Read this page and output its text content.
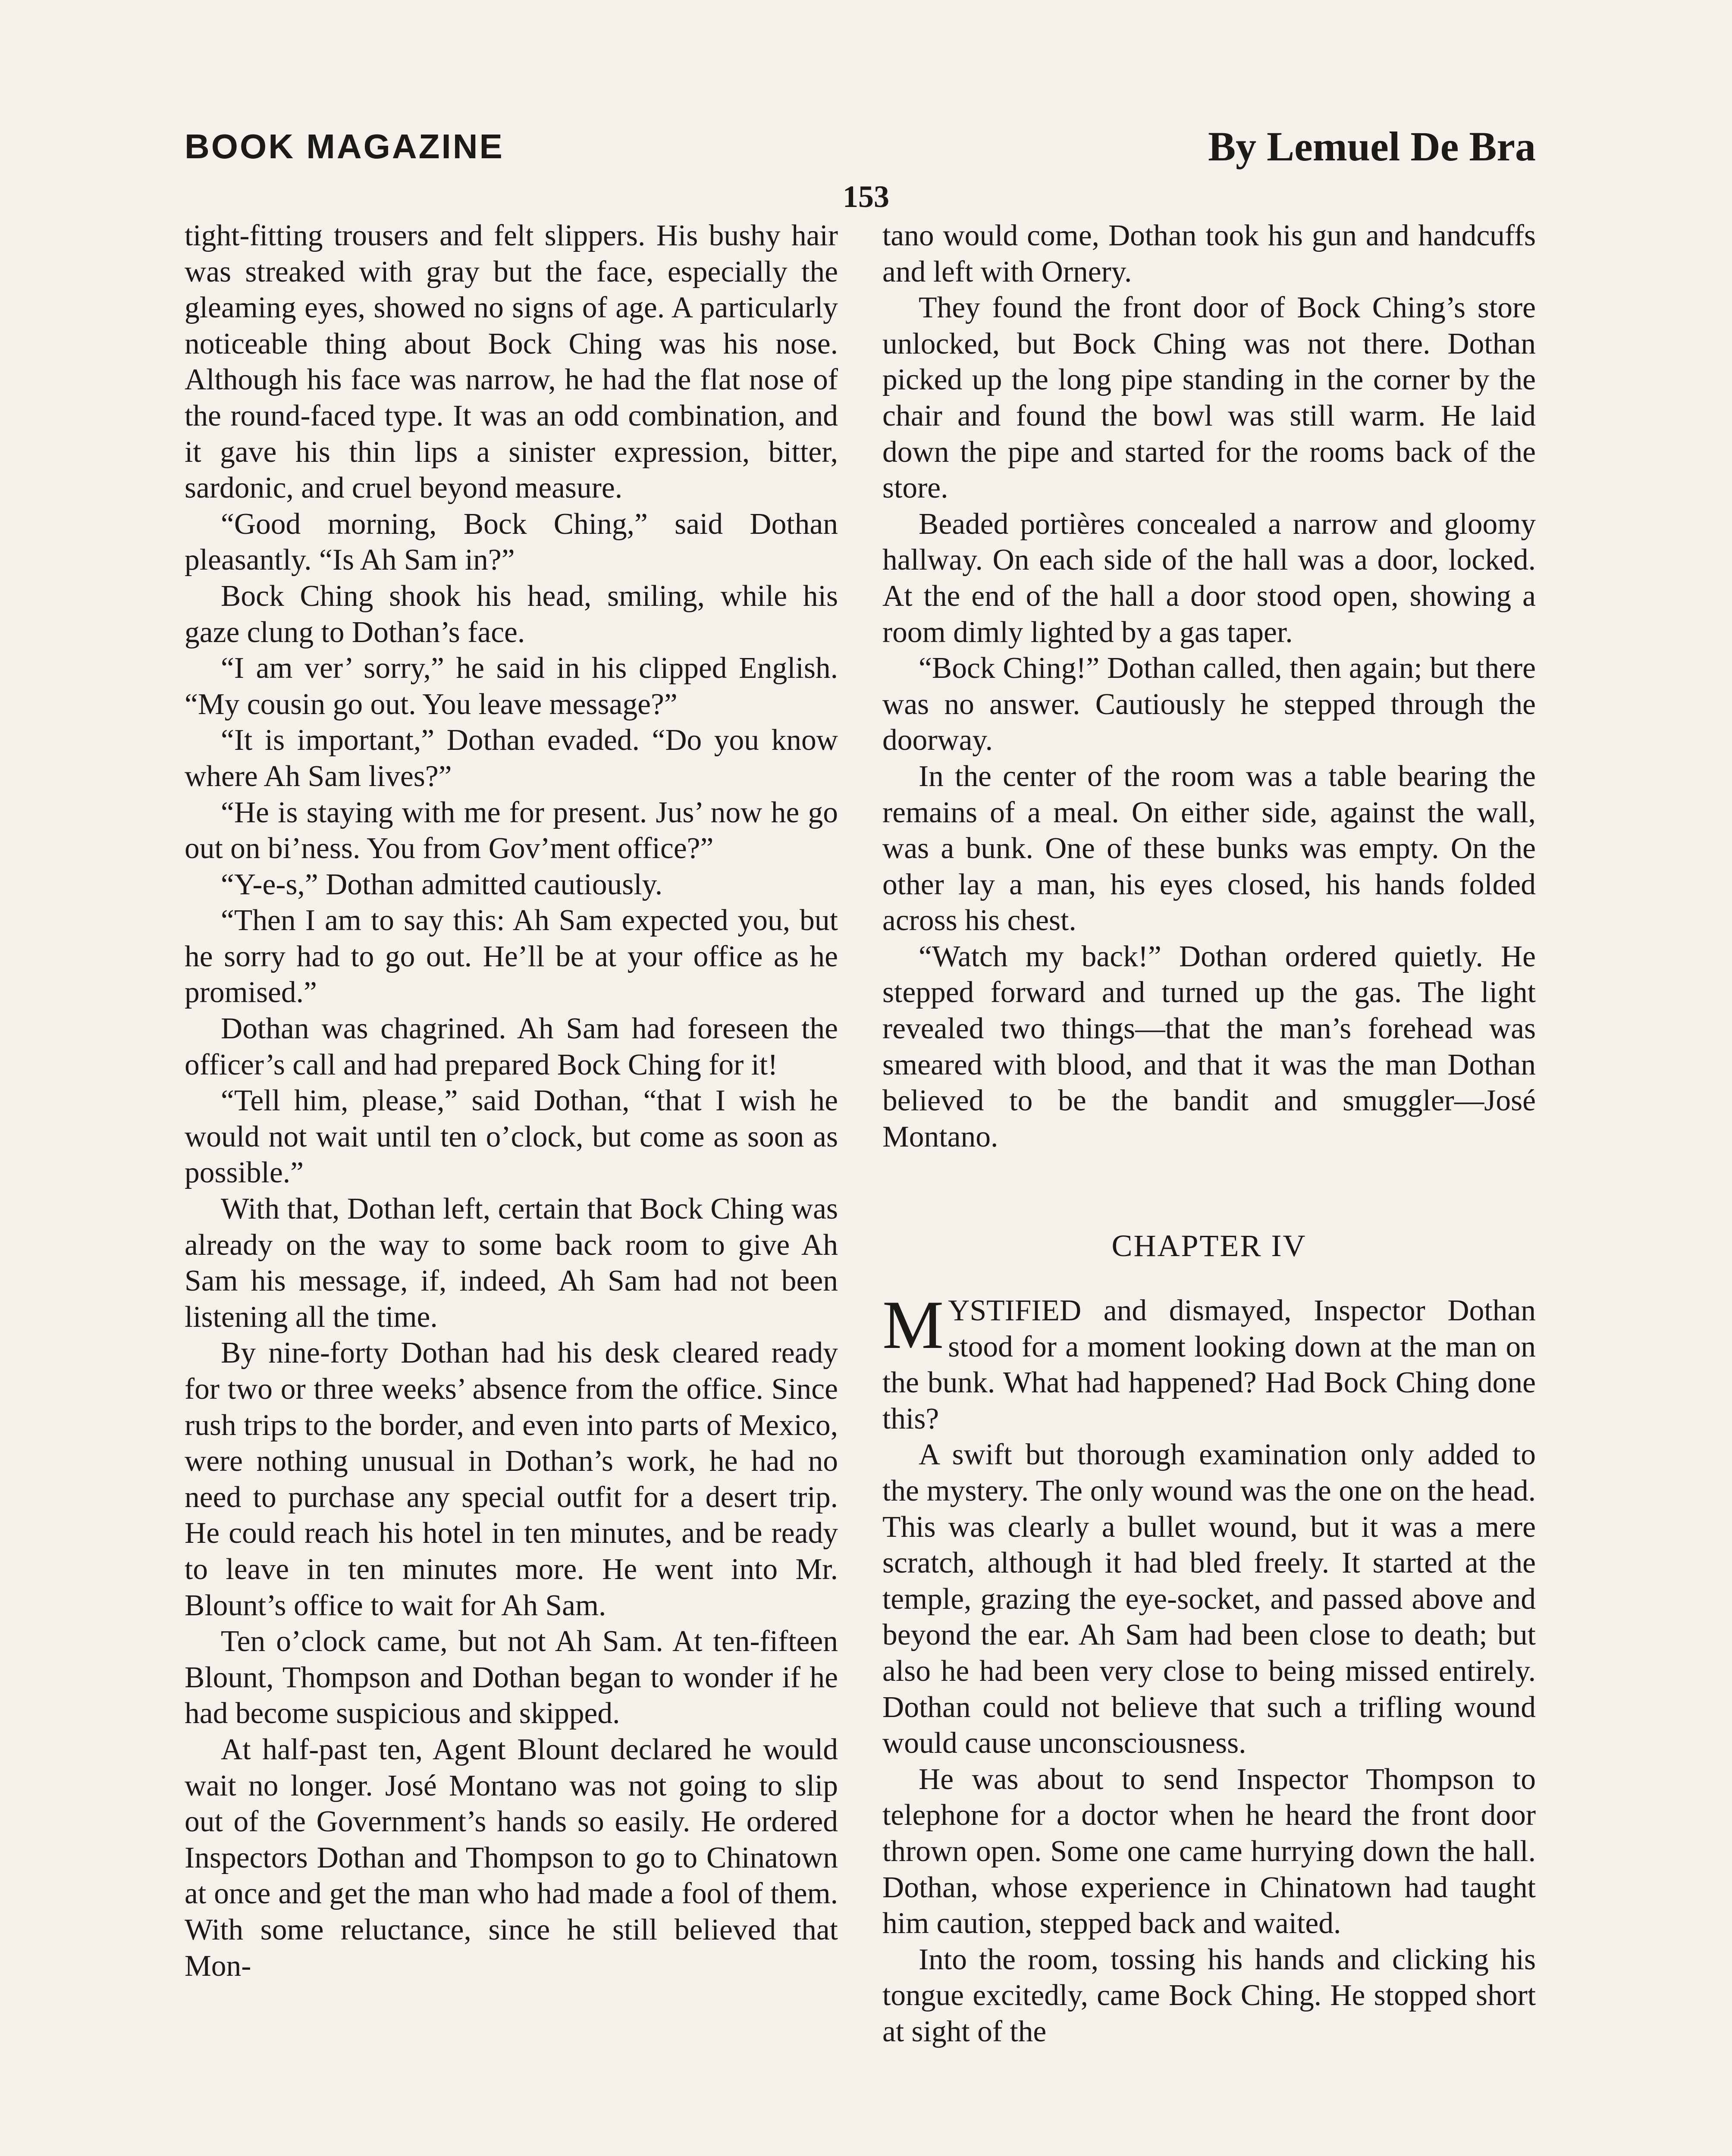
BOOK MAGAZINE	By Lemuel De Bra
153

tight-fitting trousers and felt slippers. His bushy hair was streaked with gray but the face, especially the gleaming eyes, showed no signs of age. A particularly noticeable thing about Bock Ching was his nose. Although his face was narrow, he had the flat nose of the round-faced type. It was an odd combination, and it gave his thin lips a sinister expression, bitter, sardonic, and cruel beyond measure.

“Good morning, Bock Ching,” said Dothan pleasantly. “Is Ah Sam in?”

Bock Ching shook his head, smiling, while his gaze clung to Dothan’s face.

“I am ver’ sorry,” he said in his clipped English. “My cousin go out. You leave message?”

“It is important,” Dothan evaded. “Do you know where Ah Sam lives?”

“He is staying with me for present. Jus’ now he go out on bi’ness. You from Gov’ment office?”

“Y-e-s,” Dothan admitted cautiously.

“Then I am to say this: Ah Sam expected you, but he sorry had to go out. He’ll be at your office as he promised.”

Dothan was chagrined. Ah Sam had foreseen the officer’s call and had prepared Bock Ching for it!

“Tell him, please,” said Dothan, “that I wish he would not wait until ten o’clock, but come as soon as possible.”

With that, Dothan left, certain that Bock Ching was already on the way to some back room to give Ah Sam his message, if, indeed, Ah Sam had not been listening all the time.

By nine-forty Dothan had his desk cleared ready for two or three weeks’ absence from the office. Since rush trips to the border, and even into parts of Mexico, were nothing unusual in Dothan’s work, he had no need to purchase any special outfit for a desert trip. He could reach his hotel in ten minutes, and be ready to leave in ten minutes more. He went into Mr. Blount’s office to wait for Ah Sam.

Ten o’clock came, but not Ah Sam. At ten-fifteen Blount, Thompson and Dothan began to wonder if he had become suspicious and skipped.

At half-past ten, Agent Blount declared he would wait no longer. José Montano was not going to slip out of the Government’s hands so easily. He ordered Inspectors Dothan and Thompson to go to Chinatown at once and get the man who had made a fool of them. With some reluctance, since he still believed that Mon-

tano would come, Dothan took his gun and handcuffs and left with Ornery.

They found the front door of Bock Ching’s store unlocked, but Bock Ching was not there. Dothan picked up the long pipe standing in the corner by the chair and found the bowl was still warm. He laid down the pipe and started for the rooms back of the store.

Beaded portières concealed a narrow and gloomy hallway. On each side of the hall was a door, locked. At the end of the hall a door stood open, showing a room dimly lighted by a gas taper.

“Bock Ching!” Dothan called, then again; but there was no answer. Cautiously he stepped through the doorway.

In the center of the room was a table bearing the remains of a meal. On either side, against the wall, was a bunk. One of these bunks was empty. On the other lay a man, his eyes closed, his hands folded across his chest.

“Watch my back!” Dothan ordered quietly. He stepped forward and turned up the gas. The light revealed two things—that the man’s forehead was smeared with blood, and that it was the man Dothan believed to be the bandit and smuggler—José Montano.

CHAPTER IV

MYSTIFIED and dismayed, Inspector Dothan stood for a moment looking down at the man on the bunk. What had happened? Had Bock Ching done this?

A swift but thorough examination only added to the mystery. The only wound was the one on the head. This was clearly a bullet wound, but it was a mere scratch, although it had bled freely. It started at the temple, grazing the eye-socket, and passed above and beyond the ear. Ah Sam had been close to death; but also he had been very close to being missed entirely. Dothan could not believe that such a trifling wound would cause unconsciousness.

He was about to send Inspector Thompson to telephone for a doctor when he heard the front door thrown open. Some one came hurrying down the hall. Dothan, whose experience in Chinatown had taught him caution, stepped back and waited.

Into the room, tossing his hands and clicking his tongue excitedly, came Bock Ching. He stopped short at sight of the
